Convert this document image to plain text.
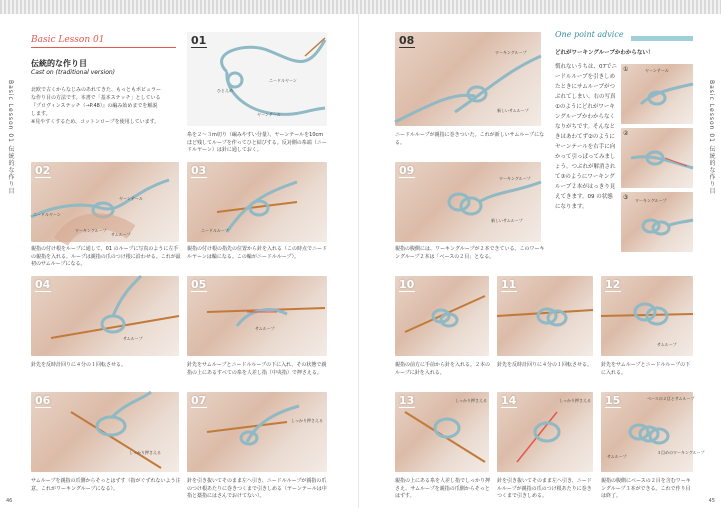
Basic Lesson 01 伝統的な作り目
Basic Lesson 01
伝統的な作り目
Cast on (traditional version)
北欧で古くからなじみのあれてきた、もっともポピュラー
な作り目の方法です。本書で「基本ステッチ」としている
『プロヴィンステッチ（→P.48）』の編み始めまでを解説
します。
※見やすくするため、コットンロープを使用しています。
01
ひとえめ
ニードルヤーン
ヤーンテール
糸を２～３m切り（編みやすい分量）、ヤーンテールを10cm ほど残してループを作ってひと結びする。反対側の糸端（ニードルヤーン）は針に通しておく。
02
ヤーンテール
ニードルヤーン
ワーキングループ
サムループ
親指の付け根をループに通して、01 のループに写真のように左手の親指を入れる。ループは親指の爪のつけ根に沿わせる。これが最初のサムループになる。
03
ニードルループ
親指の付け根の指先の位置から針を入れる（この時点でニードルヤーンは輪になる。この輪がニードルループ）。
04
サムループ
針先を反時計回りに４分の１回転させる。
05
サムループ
針先をサムループとニードルループの下に入れ、その状態で親指の上にあるすべての糸を人差し指（中央指）で押さえる。
06
しっかり押さえる
サムループを親指の爪側からそっとはずす（指がぐずれないよう注意。これがワーキングループになる）。
07
しっかり押さえる
針を引き抜いてそのまま左へ引き、ニードルループが親指の爪のつけ根あたりに巻きつくまで引きしめる（ヤーンテールは中指と薬指にはさんでおけてない）。
46
Basic Lesson 01 伝統的な作り目
08
ワーキングループ
新しいサムループ
ニードルループが親指に巻きついた。これが新しいサムループになる。
09
ワーキングループ
新しいサムループ
親指の腹側には、ワーキングループが２本できている。このワーキングループ２本は「ベースの２目」となる。
One point advice
どれがワーキングループかわからない！
慣れないうちは、07でニードルループを引きしめたときにサムループがつぶれてしまい、右の写真①のようにどれがワーキングループかわからなくなりがちです。そんなときはあわてず②のようにヤーンテールを右手に向かって引っぱってみましょう。つぶれが解消されて③のようにワーキングループ２本がはっきり見えてきます。09 の状態になります。
①	ヤーンテール
②
③ ワーキングループ
10
親指の前方に手前から針を入れる。２本のループに針を入れる。
11
針先を反時計回りに４分の１回転させる。
12
サムループ
針先をサムループとニードルループの下に入れる。
13	しっかり押さえる
親指の上にある糸を人差し指でしっかり押さえ、サムループを親指の爪側からそっとはずす。
14	しっかり押さえる
針を引き抜いてそのまま左へ引き、ニードルループが親指の爪のつけ根あたりに巻きつくまで引きしめる。
15	ベースの２目とサムループ
３目めのワーキングループ
サムループ
親指の腹側にベースの２目を含むワーキングループ３本ができる。これで作り目は終了。
45
